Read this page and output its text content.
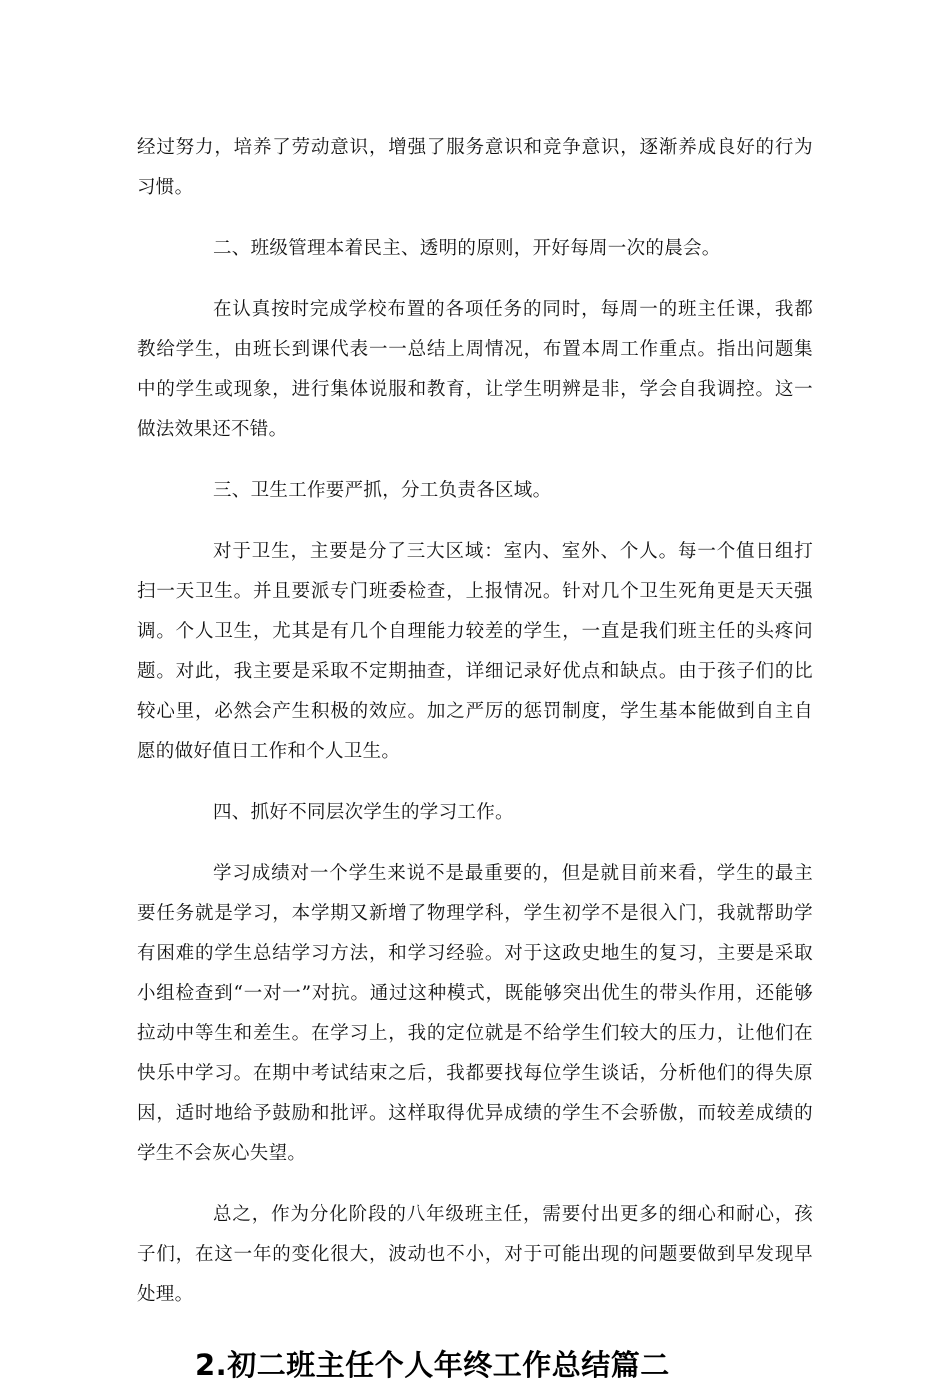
经过努力，培养了劳动意识，增强了服务意识和竞争意识，逐渐养成良好的行为习惯。

二、班级管理本着民主、透明的原则，开好每周一次的晨会。

在认真按时完成学校布置的各项任务的同时，每周一的班主任课，我都教给学生，由班长到课代表一一总结上周情况，布置本周工作重点。指出问题集中的学生或现象，进行集体说服和教育，让学生明辨是非，学会自我调控。这一做法效果还不错。

三、卫生工作要严抓，分工负责各区域。

对于卫生，主要是分了三大区域：室内、室外、个人。每一个值日组打扫一天卫生。并且要派专门班委检查，上报情况。针对几个卫生死角更是天天强调。个人卫生，尤其是有几个自理能力较差的学生，一直是我们班主任的头疼问题。对此，我主要是采取不定期抽查，详细记录好优点和缺点。由于孩子们的比较心里，必然会产生积极的效应。加之严厉的惩罚制度，学生基本能做到自主自愿的做好值日工作和个人卫生。

四、抓好不同层次学生的学习工作。

学习成绩对一个学生来说不是最重要的，但是就目前来看，学生的最主要任务就是学习，本学期又新增了物理学科，学生初学不是很入门，我就帮助学有困难的学生总结学习方法，和学习经验。对于这政史地生的复习，主要是采取小组检查到“一对一”对抗。通过这种模式，既能够突出优生的带头作用，还能够拉动中等生和差生。在学习上，我的定位就是不给学生们较大的压力，让他们在快乐中学习。在期中考试结束之后，我都要找每位学生谈话，分析他们的得失原因，适时地给予鼓励和批评。这样取得优异成绩的学生不会骄傲，而较差成绩的学生不会灰心失望。

总之，作为分化阶段的八年级班主任，需要付出更多的细心和耐心，孩子们，在这一年的变化很大，波动也不小，对于可能出现的问题要做到早发现早处理。

2.初二班主任个人年终工作总结篇二
